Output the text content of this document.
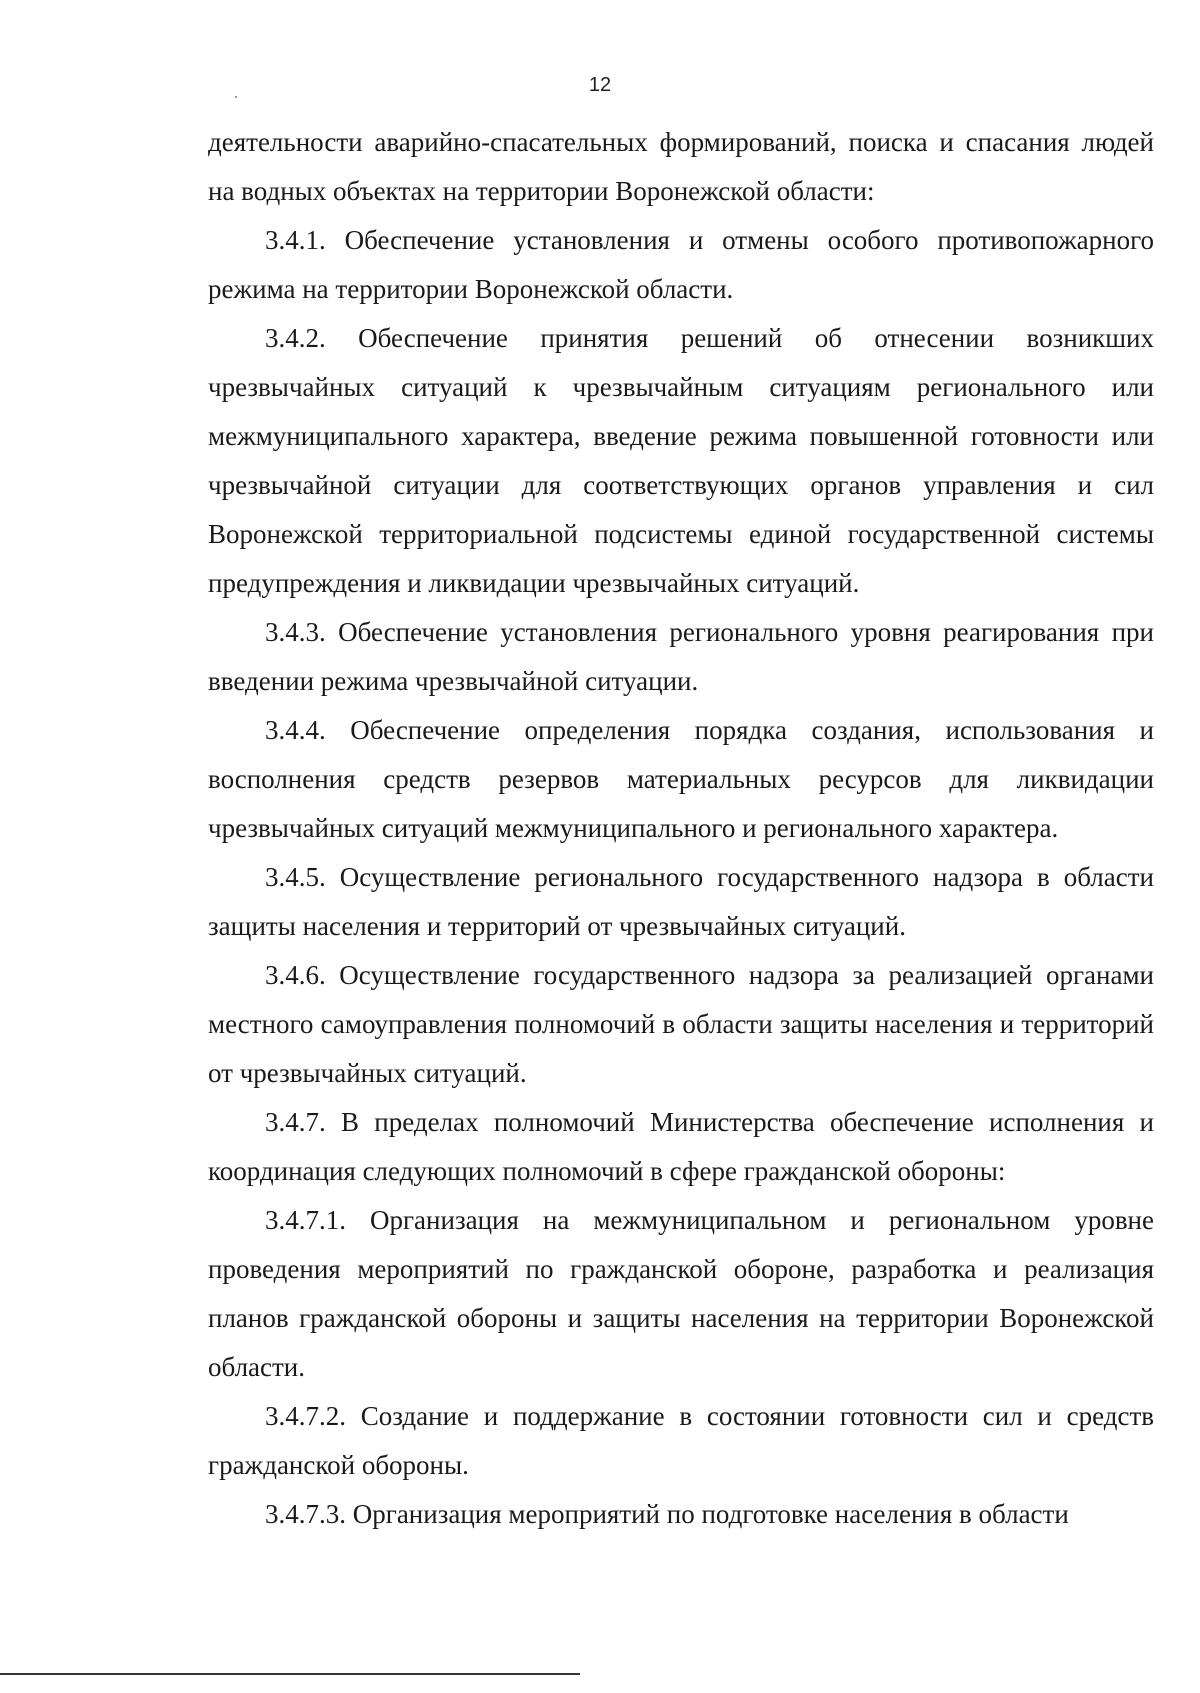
12

деятельности аварийно-спасательных формирований, поиска и спасания людей на водных объектах на территории Воронежской области:

3.4.1. Обеспечение установления и отмены особого противопожарного режима на территории Воронежской области.

3.4.2. Обеспечение принятия решений об отнесении возникших чрезвычайных ситуаций к чрезвычайным ситуациям регионального или межмуниципального характера, введение режима повышенной готовности или чрезвычайной ситуации для соответствующих органов управления и сил Воронежской территориальной подсистемы единой государственной системы предупреждения и ликвидации чрезвычайных ситуаций.

3.4.3. Обеспечение установления регионального уровня реагирования при введении режима чрезвычайной ситуации.

3.4.4. Обеспечение определения порядка создания, использования и восполнения средств резервов материальных ресурсов для ликвидации чрезвычайных ситуаций межмуниципального и регионального характера.

3.4.5. Осуществление регионального государственного надзора в области защиты населения и территорий от чрезвычайных ситуаций.

3.4.6. Осуществление государственного надзора за реализацией органами местного самоуправления полномочий в области защиты населения и территорий от чрезвычайных ситуаций.

3.4.7. В пределах полномочий Министерства обеспечение исполнения и координация следующих полномочий в сфере гражданской обороны:

3.4.7.1. Организация на межмуниципальном и региональном уровне проведения мероприятий по гражданской обороне, разработка и реализация планов гражданской обороны и защиты населения на территории Воронежской области.

3.4.7.2. Создание и поддержание в состоянии готовности сил и средств гражданской обороны.

3.4.7.3. Организация мероприятий по подготовке населения в области
